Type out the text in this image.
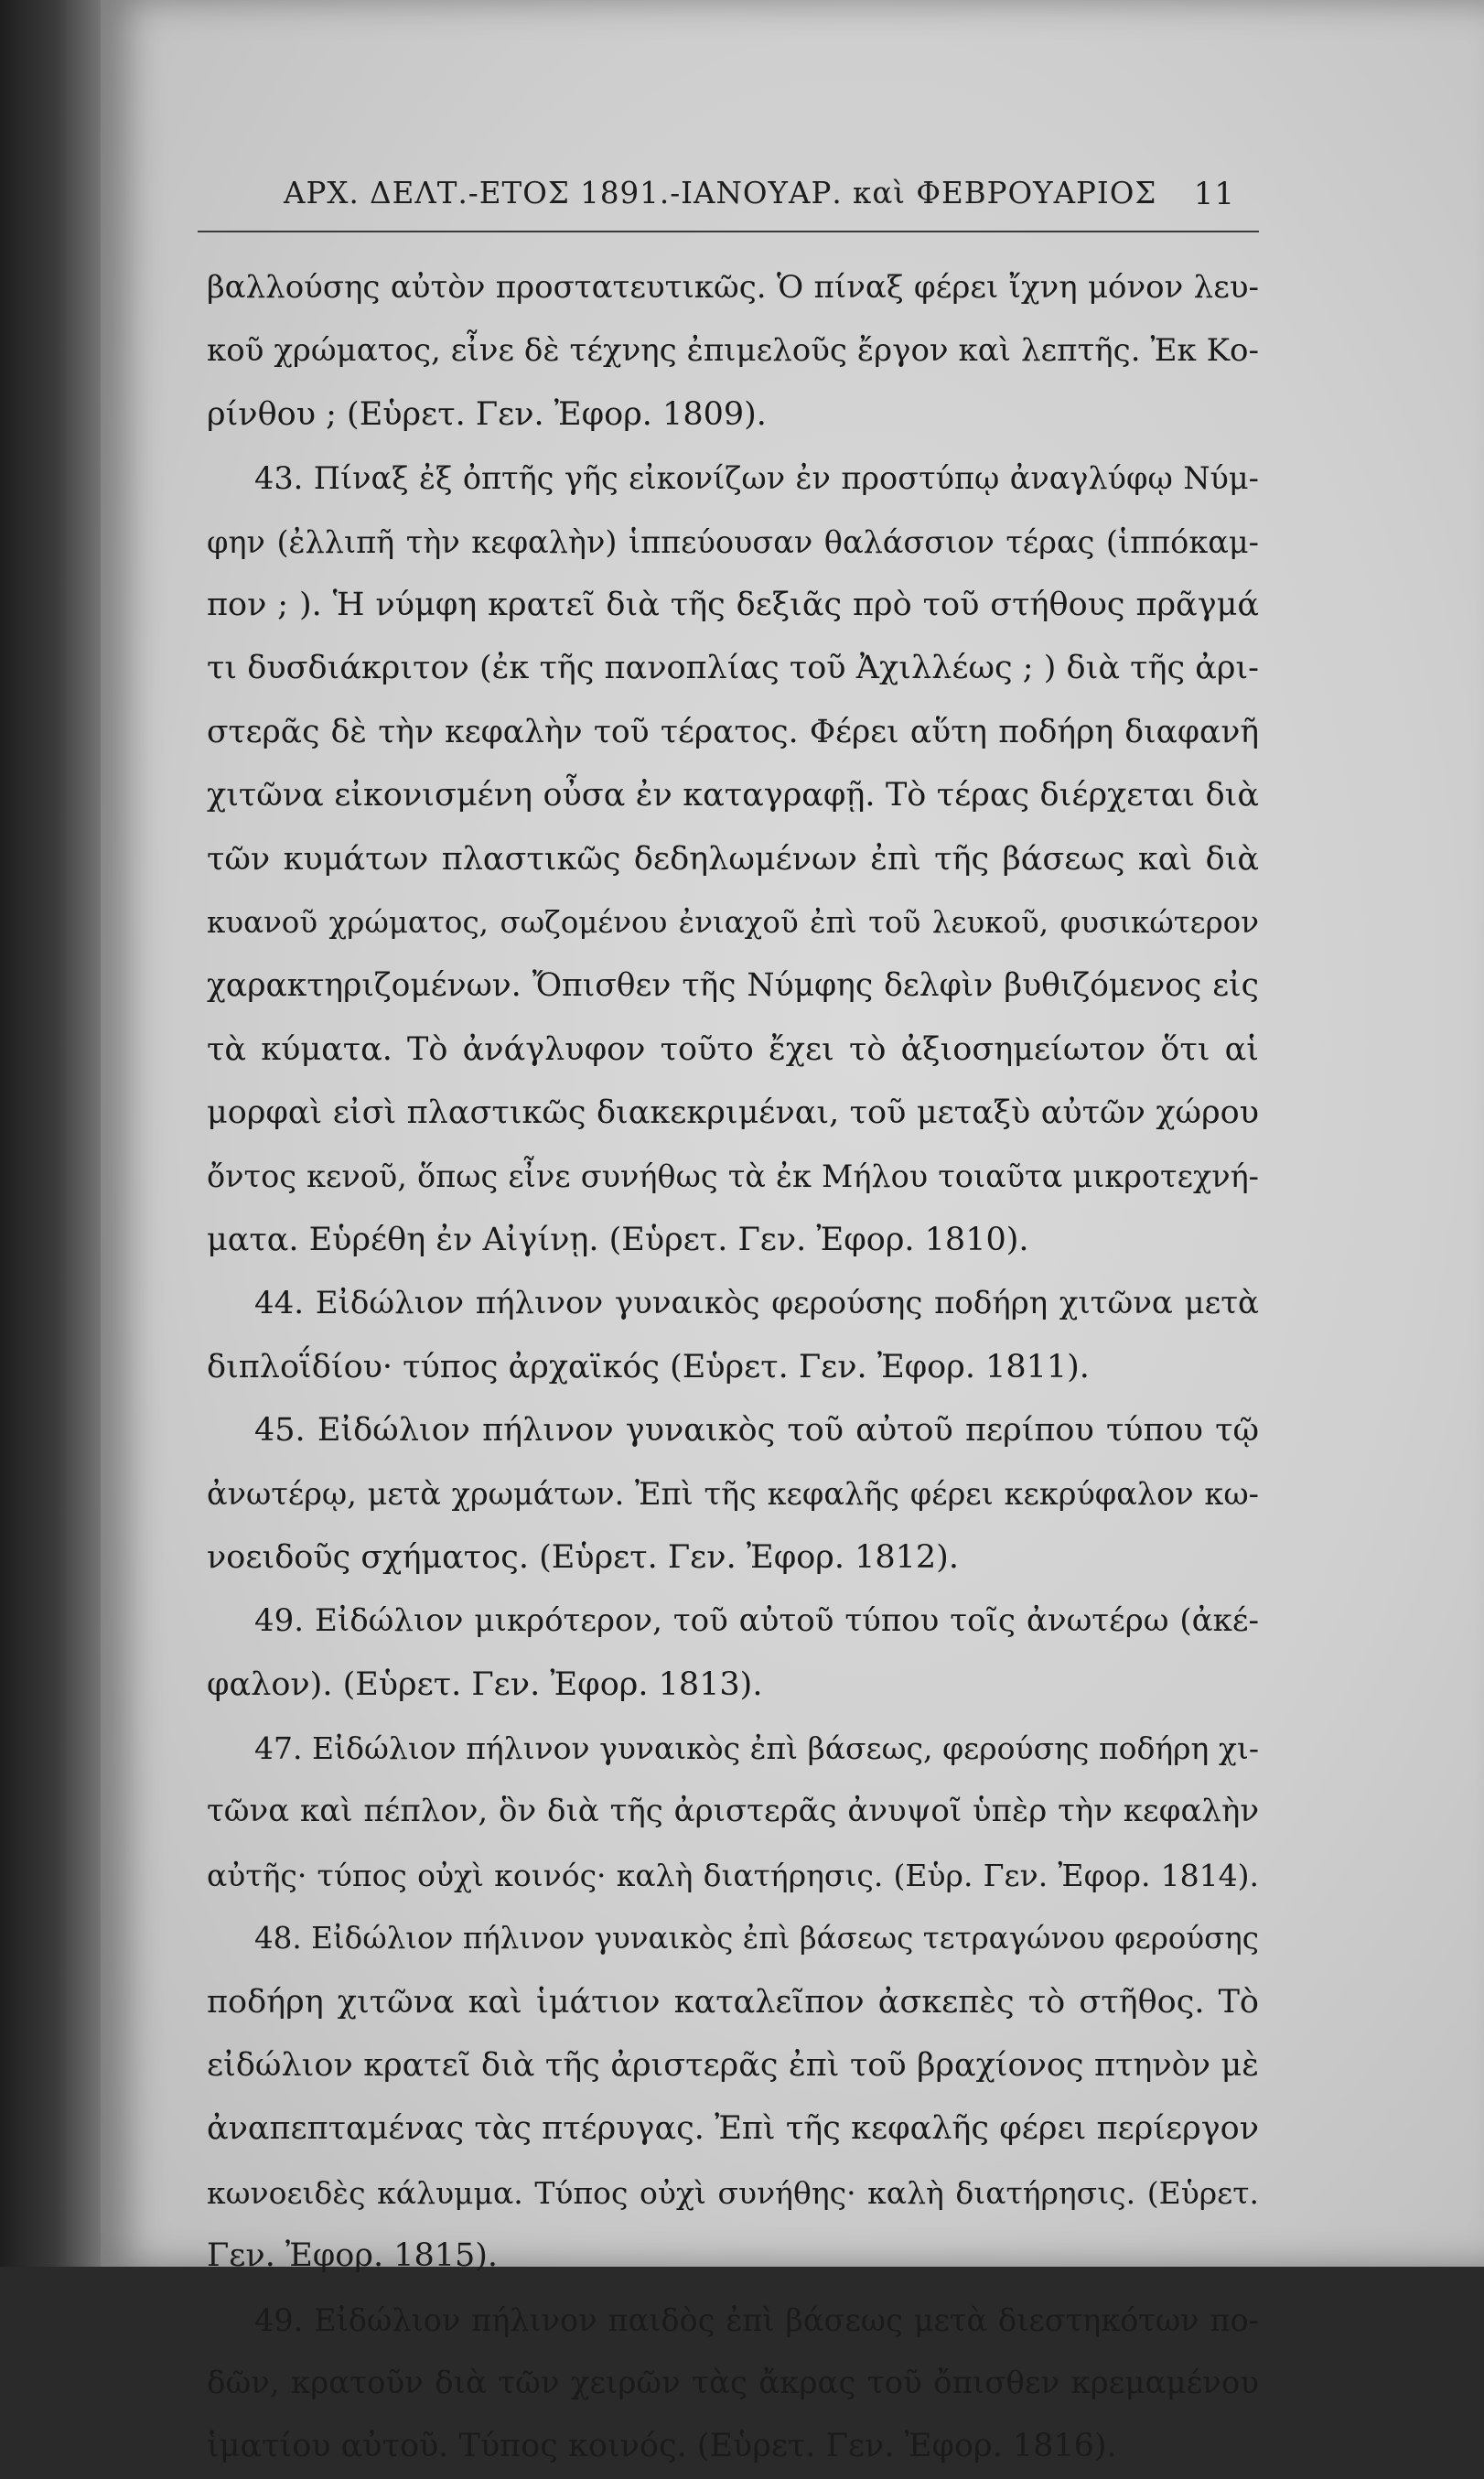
ΑΡΧ. ΔΕΛΤ.-ΕΤΟΣ 1891.-ΙΑΝΟΥΑΡ. καὶ ΦΕΒΡΟΥΑΡΙΟΣ 11
βαλλούσης αὐτὸν προστατευτικῶς. Ὁ πίναξ φέρει ἴχνη μόνον λευ-
κοῦ χρώματος, εἶνε δὲ τέχνης ἐπιμελοῦς ἔργον καὶ λεπτῆς. Ἐκ Κο-
ρίνθου ; (Εὑρετ. Γεν. Ἐφορ. 1809).
43. Πίναξ ἐξ ὀπτῆς γῆς εἰκονίζων ἐν προστύπῳ ἀναγλύφῳ Νύμ-
φην (ἐλλιπῆ τὴν κεφαλὴν) ἱππεύουσαν θαλάσσιον τέρας (ἱππόκαμ-
πον ; ). Ἡ νύμφη κρατεῖ διὰ τῆς δεξιᾶς πρὸ τοῦ στήθους πρᾶγμά
τι δυσδιάκριτον (ἐκ τῆς πανοπλίας τοῦ Ἀχιλλέως ; ) διὰ τῆς ἀρι-
στερᾶς δὲ τὴν κεφαλὴν τοῦ τέρατος. Φέρει αὕτη ποδήρη διαφανῆ
χιτῶνα εἰκονισμένη οὖσα ἐν καταγραφῇ. Τὸ τέρας διέρχεται διὰ
τῶν κυμάτων πλαστικῶς δεδηλωμένων ἐπὶ τῆς βάσεως καὶ διὰ
κυανοῦ χρώματος, σωζομένου ἐνιαχοῦ ἐπὶ τοῦ λευκοῦ, φυσικώτερον
χαρακτηριζομένων. Ὄπισθεν τῆς Νύμφης δελφὶν βυθιζόμενος εἰς
τὰ κύματα. Τὸ ἀνάγλυφον τοῦτο ἔχει τὸ ἀξιοσημείωτον ὅτι αἱ
μορφαὶ εἰσὶ πλαστικῶς διακεκριμέναι, τοῦ μεταξὺ αὐτῶν χώρου
ὄντος κενοῦ, ὅπως εἶνε συνήθως τὰ ἐκ Μήλου τοιαῦτα μικροτεχνή-
ματα. Εὑρέθη ἐν Αἰγίνῃ. (Εὑρετ. Γεν. Ἐφορ. 1810).
44. Εἰδώλιον πήλινον γυναικὸς φερούσης ποδήρη χιτῶνα μετὰ
διπλοΐδίου· τύπος ἀρχαϊκός (Εὑρετ. Γεν. Ἐφορ. 1811).
45. Εἰδώλιον πήλινον γυναικὸς τοῦ αὐτοῦ περίπου τύπου τῷ
ἀνωτέρῳ, μετὰ χρωμάτων. Ἐπὶ τῆς κεφαλῆς φέρει κεκρύφαλον κω-
νοειδοῦς σχήματος. (Εὑρετ. Γεν. Ἐφορ. 1812).
49. Εἰδώλιον μικρότερον, τοῦ αὐτοῦ τύπου τοῖς ἀνωτέρω (ἀκέ-
φαλον). (Εὑρετ. Γεν. Ἐφορ. 1813).
47. Εἰδώλιον πήλινον γυναικὸς ἐπὶ βάσεως, φερούσης ποδήρη χι-
τῶνα καὶ πέπλον, ὃν διὰ τῆς ἀριστερᾶς ἀνυψοῖ ὑπὲρ τὴν κεφαλὴν
αὐτῆς· τύπος οὐχὶ κοινός· καλὴ διατήρησις. (Εὑρ. Γεν. Ἐφορ. 1814).
48. Εἰδώλιον πήλινον γυναικὸς ἐπὶ βάσεως τετραγώνου φερούσης
ποδήρη χιτῶνα καὶ ἱμάτιον καταλεῖπον ἀσκεπὲς τὸ στῆθος. Τὸ
εἰδώλιον κρατεῖ διὰ τῆς ἀριστερᾶς ἐπὶ τοῦ βραχίονος πτηνὸν μὲ
ἀναπεπταμένας τὰς πτέρυγας. Ἐπὶ τῆς κεφαλῆς φέρει περίεργον
κωνοειδὲς κάλυμμα. Τύπος οὐχὶ συνήθης· καλὴ διατήρησις. (Εὑρετ.
Γεν. Ἐφορ. 1815).
49. Εἰδώλιον πήλινον παιδὸς ἐπὶ βάσεως μετὰ διεστηκότων πο-
δῶν, κρατοῦν διὰ τῶν χειρῶν τὰς ἄκρας τοῦ ὄπισθεν κρεμαμένου
ἱματίου αὐτοῦ. Τύπος κοινός. (Εὑρετ. Γεν. Ἐφορ. 1816).
